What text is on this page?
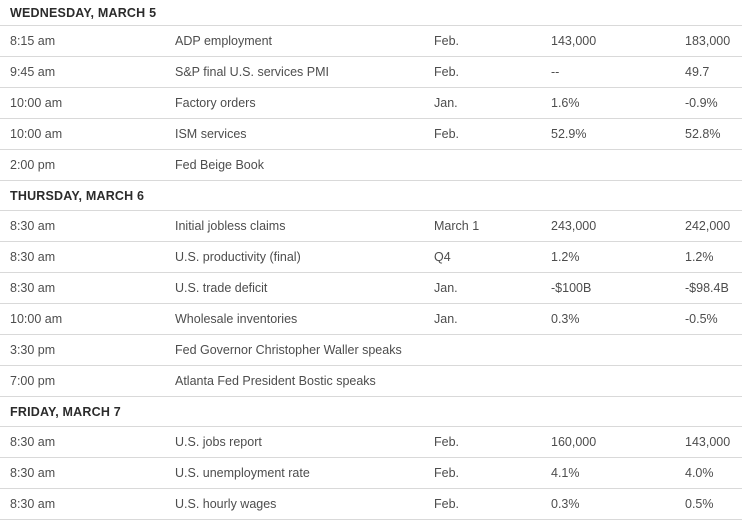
WEDNESDAY, MARCH 5
8:15 am	ADP employment	Feb.	143,000	183,000
9:45 am	S&P final U.S. services PMI	Feb.	--	49.7
10:00 am	Factory orders	Jan.	1.6%	-0.9%
10:00 am	ISM services	Feb.	52.9%	52.8%
2:00 pm	Fed Beige Book
THURSDAY, MARCH 6
8:30 am	Initial jobless claims	March 1	243,000	242,000
8:30 am	U.S. productivity (final)	Q4	1.2%	1.2%
8:30 am	U.S. trade deficit	Jan.	-$100B	-$98.4B
10:00 am	Wholesale inventories	Jan.	0.3%	-0.5%
3:30 pm	Fed Governor Christopher Waller speaks
7:00 pm	Atlanta Fed President Bostic speaks
FRIDAY, MARCH 7
8:30 am	U.S. jobs report	Feb.	160,000	143,000
8:30 am	U.S. unemployment rate	Feb.	4.1%	4.0%
8:30 am	U.S. hourly wages	Feb.	0.3%	0.5%
